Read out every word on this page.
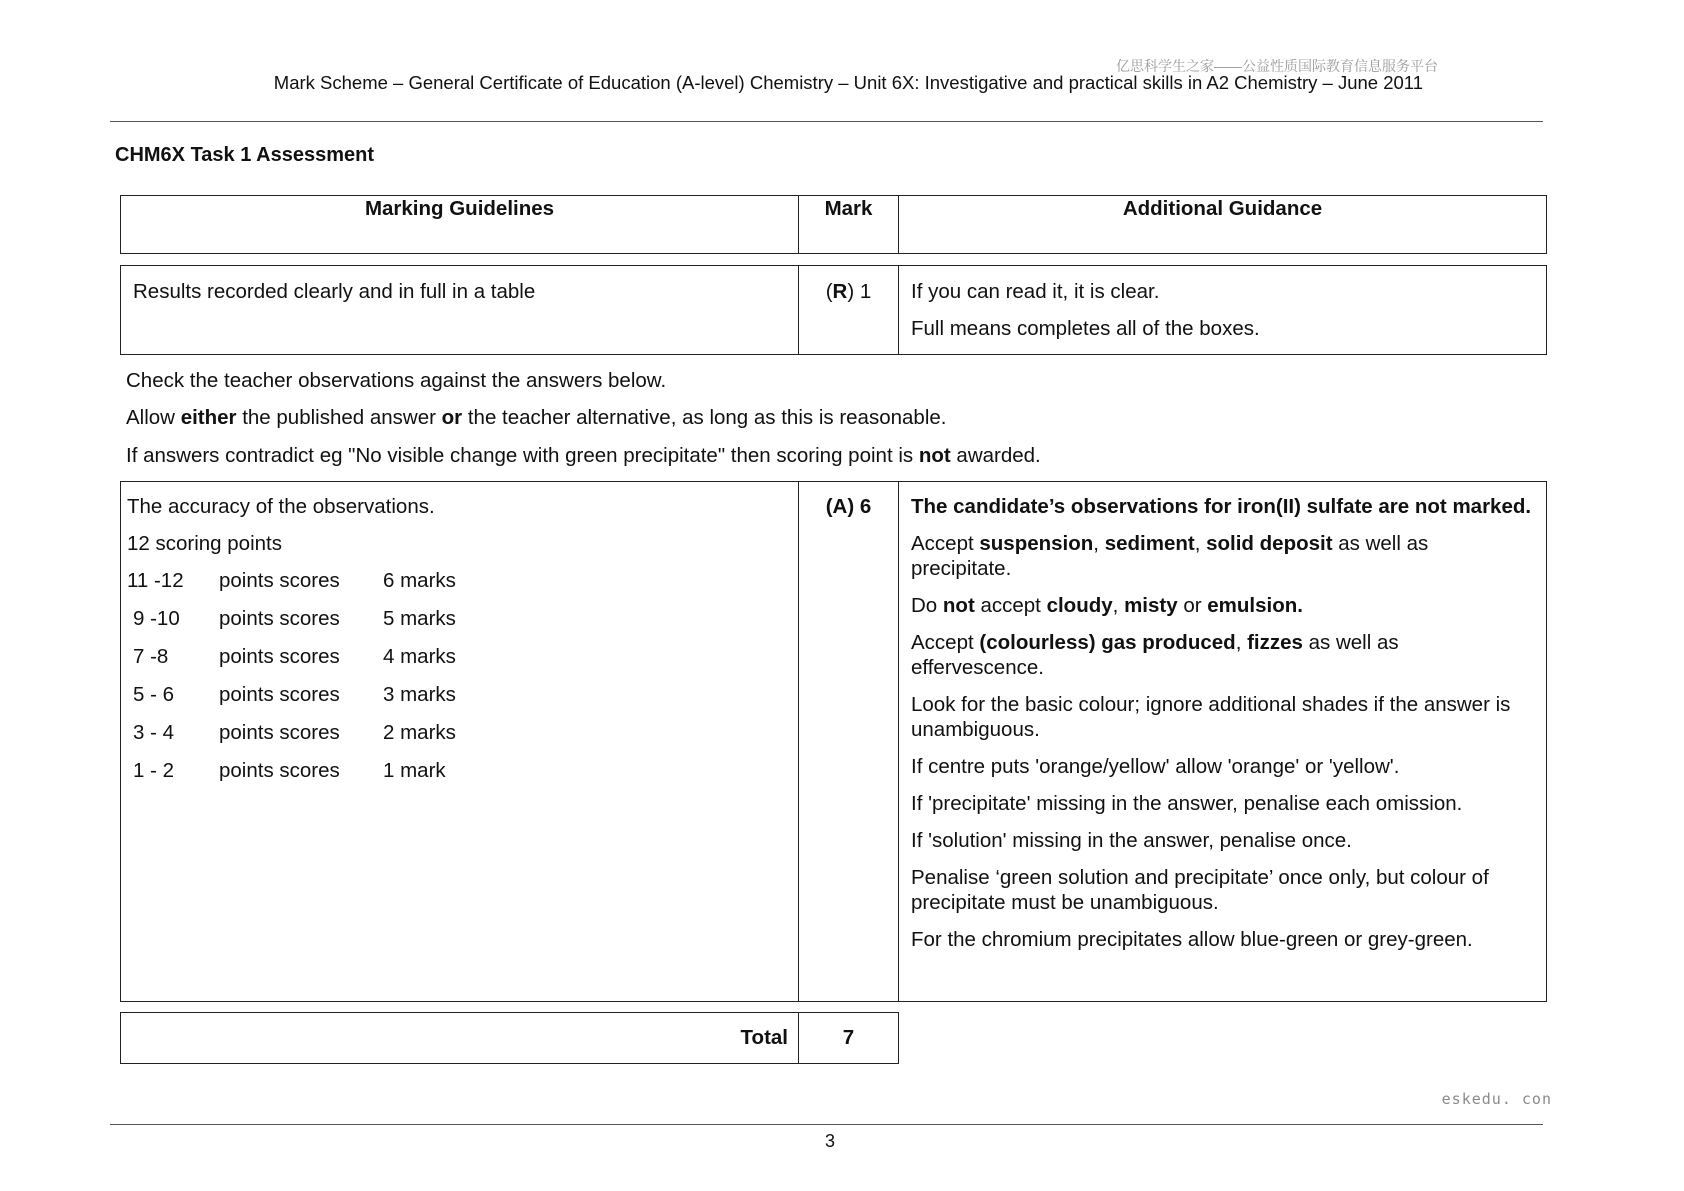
亿思科学生之家——公益性质国际教育信息服务平台
Mark Scheme – General Certificate of Education (A-level) Chemistry – Unit 6X: Investigative and practical skills in A2 Chemistry – June 2011
CHM6X Task 1 Assessment
Marking Guidelines	Mark	Additional Guidance

Results recorded clearly and in full in a table	(R) 1	If you can read it, it is clear.

Full means completes all of the boxes.

Check the teacher observations against the answers below.
Allow either the published answer or the teacher alternative, as long as this is reasonable.
If answers contradict eg "No visible change with green precipitate" then scoring point is not awarded.

The accuracy of the observations.

12 scoring points

11 -12	points scores	6 marks
9 -10	points scores	5 marks
7 -8	points scores	4 marks
5 - 6	points scores	3 marks
3 - 4	points scores	2 marks
1 - 2	points scores	1 mark

(A) 6	The candidate’s observations for iron(II) sulfate are not marked.

Accept suspension, sediment, solid deposit as well as precipitate.

Do not accept cloudy, misty or emulsion.

Accept (colourless) gas produced, fizzes as well as effervescence.

Look for the basic colour; ignore additional shades if the answer is unambiguous.

If centre puts 'orange/yellow' allow 'orange' or 'yellow'.

If 'precipitate' missing in the answer, penalise each omission.

If 'solution' missing in the answer, penalise once.

Penalise ‘green solution and precipitate’ once only, but colour of precipitate must be unambiguous.

For the chromium precipitates allow blue-green or grey-green.

Total	7
eskedu. con
3
